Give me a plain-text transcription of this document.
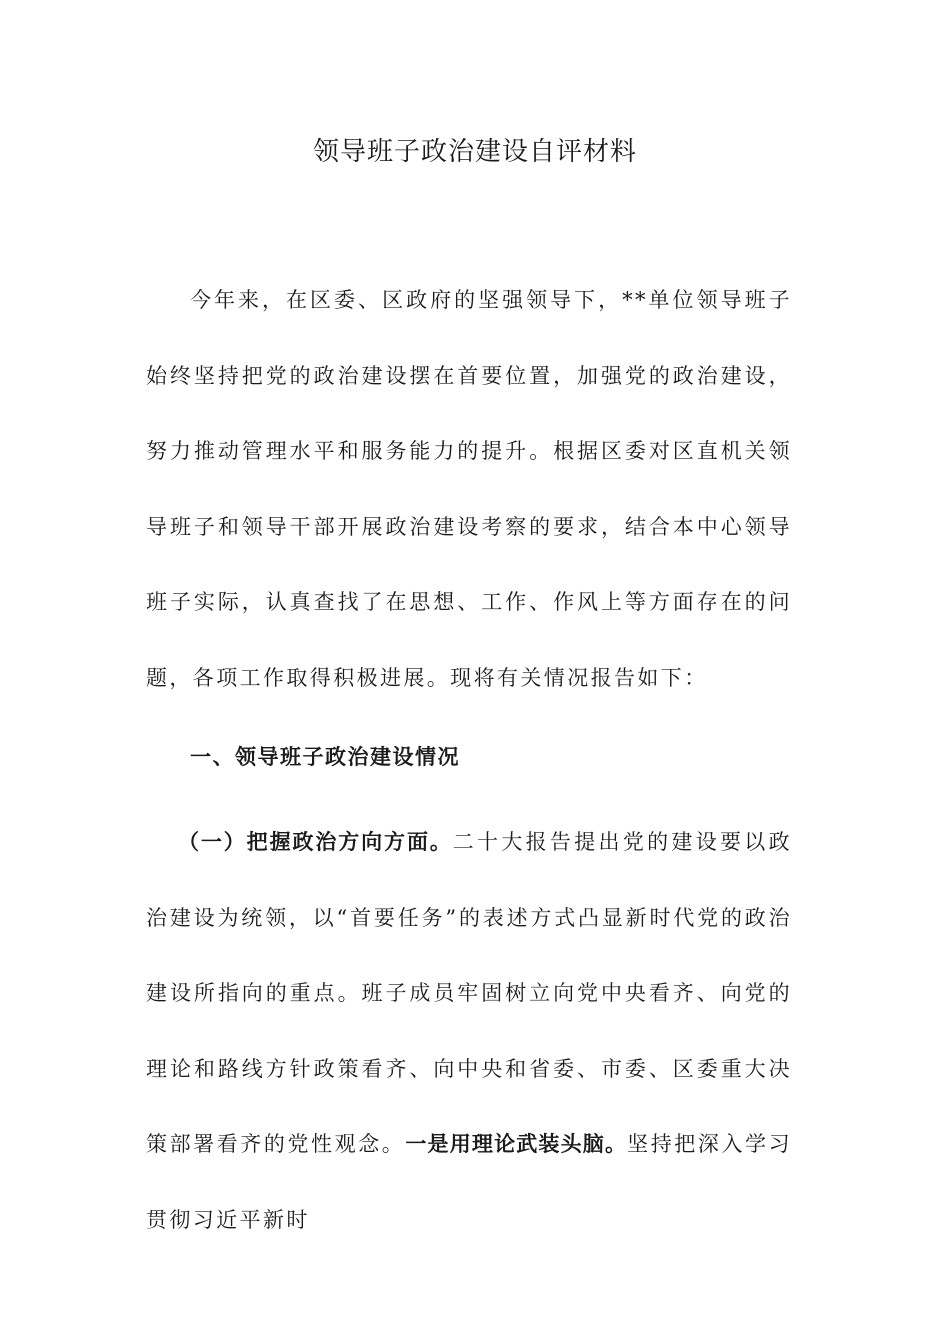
领导班子政治建设自评材料

今年来，在区委、区政府的坚强领导下，**单位领导班子始终坚持把党的政治建设摆在首要位置，加强党的政治建设，努力推动管理水平和服务能力的提升。根据区委对区直机关领导班子和领导干部开展政治建设考察的要求，结合本中心领导班子实际，认真查找了在思想、工作、作风上等方面存在的问题，各项工作取得积极进展。现将有关情况报告如下：

一、领导班子政治建设情况

（一）把握政治方向方面。二十大报告提出党的建设要以政治建设为统领，以“首要任务”的表述方式凸显新时代党的政治建设所指向的重点。班子成员牢固树立向党中央看齐、向党的理论和路线方针政策看齐、向中央和省委、市委、区委重大决策部署看齐的党性观念。一是用理论武装头脑。坚持把深入学习贯彻习近平新时
